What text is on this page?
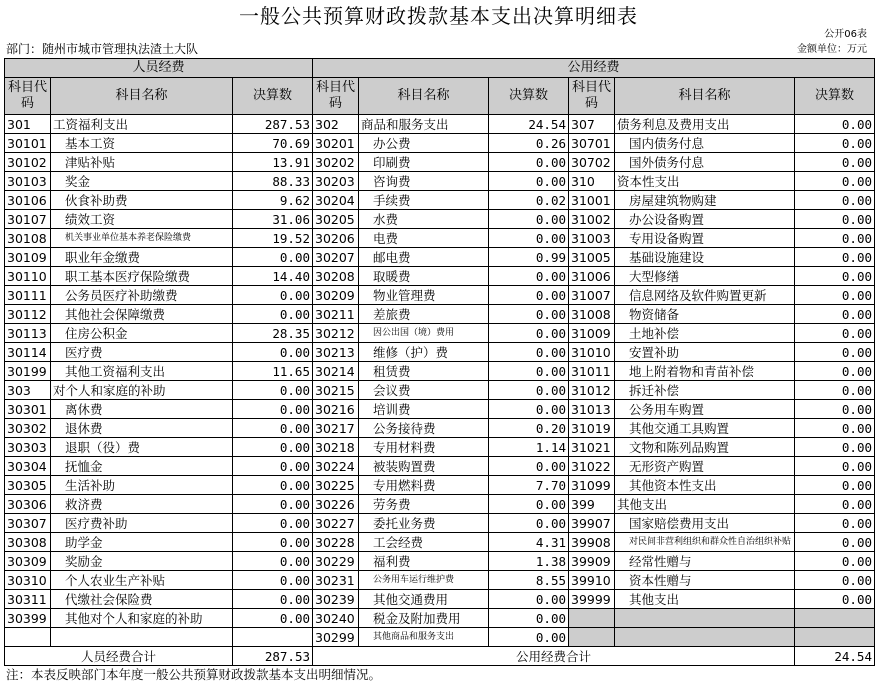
一般公共预算财政拨款基本支出决算明细表
公开06表
部门：随州市城市管理执法渣土大队	金额单位：万元
人员经费			公用经费					
科目代码	科目名称	决算数	科目代码	科目名称	决算数	科目代码	科目名称	决算数
301	工资福利支出	287.53	302	商品和服务支出	24.54	307	债务利息及费用支出	0.00
30101	基本工资	70.69	30201	办公费	0.26	30701	国内债务付息	0.00
30102	津贴补贴	13.91	30202	印刷费	0.00	30702	国外债务付息	0.00
30103	奖金	88.33	30203	咨询费	0.00	310	资本性支出	0.00
30106	伙食补助费	9.62	30204	手续费	0.02	31001	房屋建筑物购建	0.00
30107	绩效工资	31.06	30205	水费	0.00	31002	办公设备购置	0.00
30108	机关事业单位基本养老保险缴费	19.52	30206	电费	0.00	31003	专用设备购置	0.00
30109	职业年金缴费	0.00	30207	邮电费	0.99	31005	基础设施建设	0.00
30110	职工基本医疗保险缴费	14.40	30208	取暖费	0.00	31006	大型修缮	0.00
30111	公务员医疗补助缴费	0.00	30209	物业管理费	0.00	31007	信息网络及软件购置更新	0.00
30112	其他社会保障缴费	0.00	30211	差旅费	0.00	31008	物资储备	0.00
30113	住房公积金	28.35	30212	因公出国（境）费用	0.00	31009	土地补偿	0.00
30114	医疗费	0.00	30213	维修（护）费	0.00	31010	安置补助	0.00
30199	其他工资福利支出	11.65	30214	租赁费	0.00	31011	地上附着物和青苗补偿	0.00
303	对个人和家庭的补助	0.00	30215	会议费	0.00	31012	拆迁补偿	0.00
30301	离休费	0.00	30216	培训费	0.00	31013	公务用车购置	0.00
30302	退休费	0.00	30217	公务接待费	0.20	31019	其他交通工具购置	0.00
30303	退职（役）费	0.00	30218	专用材料费	1.14	31021	文物和陈列品购置	0.00
30304	抚恤金	0.00	30224	被装购置费	0.00	31022	无形资产购置	0.00
30305	生活补助	0.00	30225	专用燃料费	7.70	31099	其他资本性支出	0.00
30306	救济费	0.00	30226	劳务费	0.00	399	其他支出	0.00
30307	医疗费补助	0.00	30227	委托业务费	0.00	39907	国家赔偿费用支出	0.00
30308	助学金	0.00	30228	工会经费	4.31	39908	对民间非营利组织和群众性自治组织补贴	0.00
30309	奖励金	0.00	30229	福利费	1.38	39909	经常性赠与	0.00
30310	个人农业生产补贴	0.00	30231	公务用车运行维护费	8.55	39910	资本性赠与	0.00
30311	代缴社会保险费	0.00	30239	其他交通费用	0.00	39999	其他支出	0.00
30399	其他对个人和家庭的补助	0.00	30240	税金及附加费用	0.00			
			30299	其他商品和服务支出	0.00			
人员经费合计		287.53	公用经费合计					24.54
注：本表反映部门本年度一般公共预算财政拨款基本支出明细情况。
